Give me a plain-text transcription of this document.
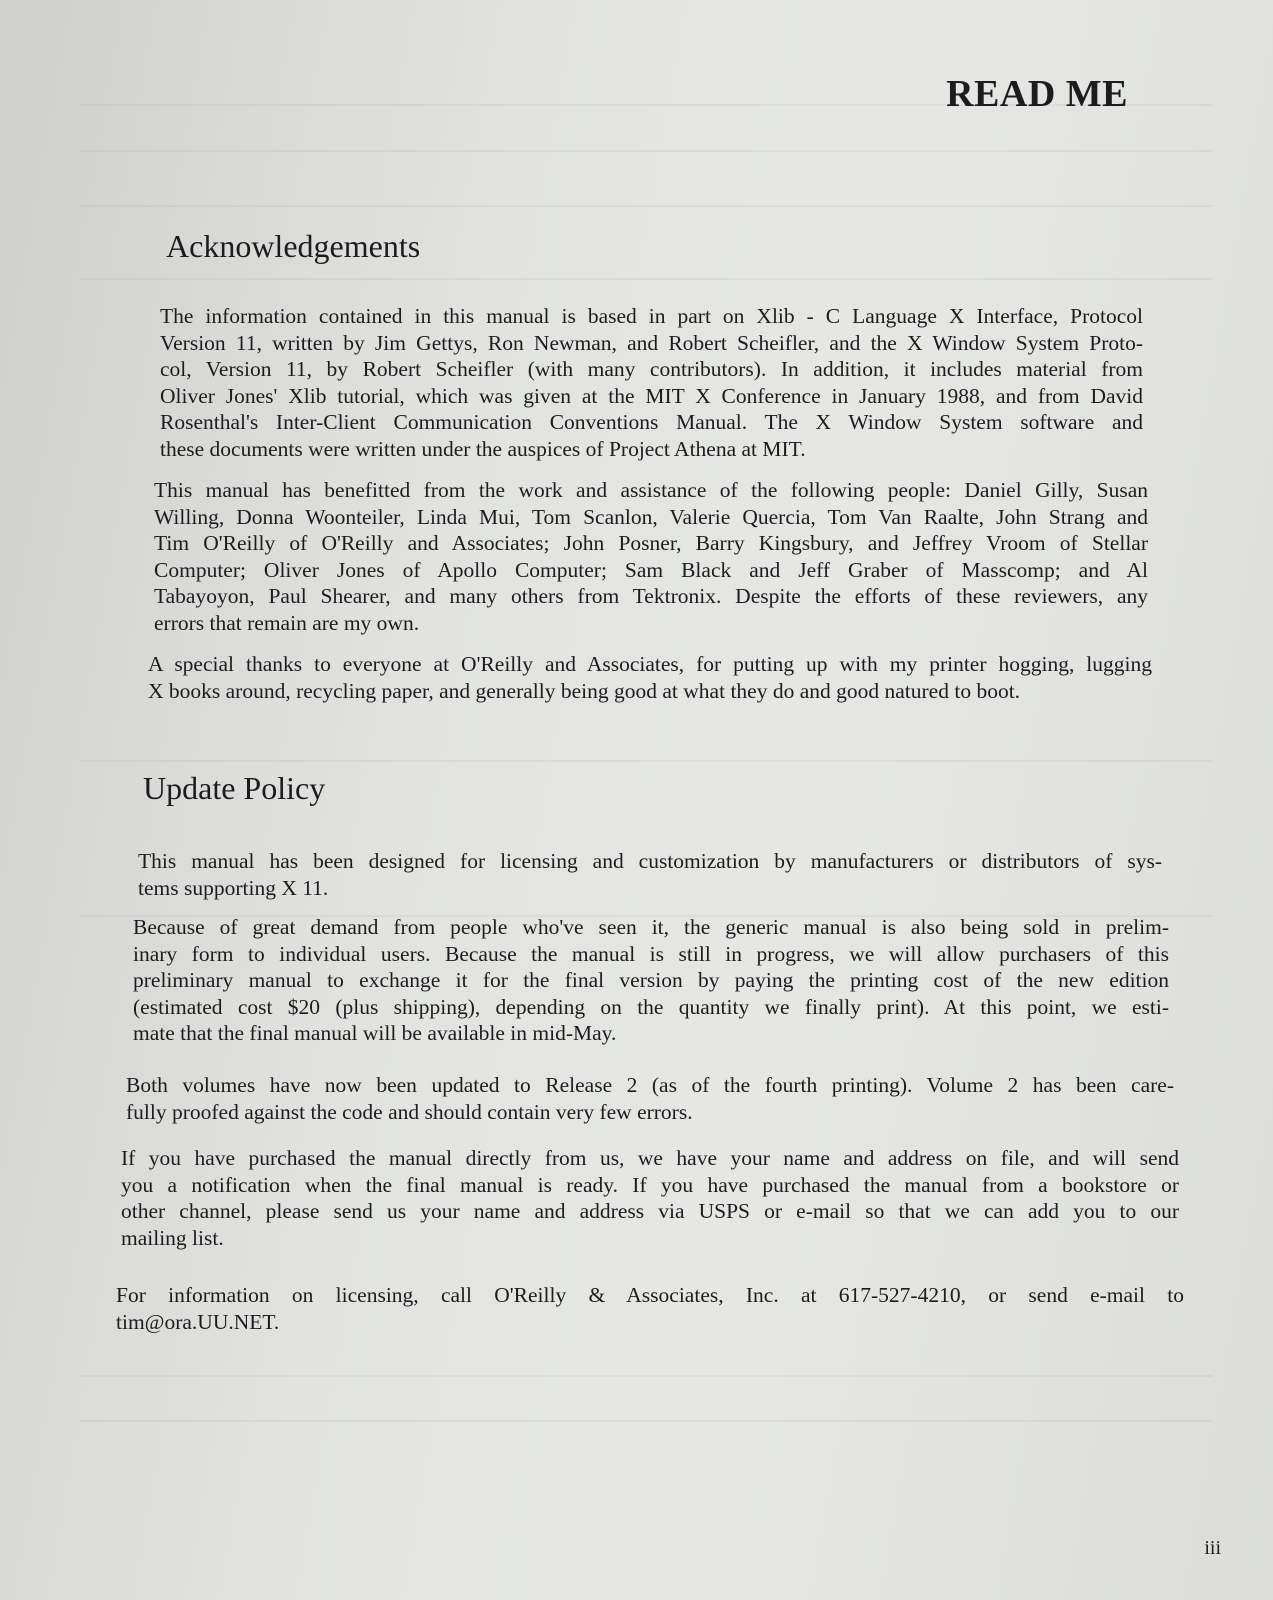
READ ME
Acknowledgements

The information contained in this manual is based in part on Xlib - C Language X Interface, Protocol
Version 11, written by Jim Gettys, Ron Newman, and Robert Scheifler, and the X Window System Proto-
col, Version 11, by Robert Scheifler (with many contributors). In addition, it includes material from
Oliver Jones' Xlib tutorial, which was given at the MIT X Conference in January 1988, and from David
Rosenthal's Inter-Client Communication Conventions Manual. The X Window System software and
these documents were written under the auspices of Project Athena at MIT.

This manual has benefitted from the work and assistance of the following people: Daniel Gilly, Susan
Willing, Donna Woonteiler, Linda Mui, Tom Scanlon, Valerie Quercia, Tom Van Raalte, John Strang and
Tim O'Reilly of O'Reilly and Associates; John Posner, Barry Kingsbury, and Jeffrey Vroom of Stellar
Computer; Oliver Jones of Apollo Computer; Sam Black and Jeff Graber of Masscomp; and Al
Tabayoyon, Paul Shearer, and many others from Tektronix. Despite the efforts of these reviewers, any
errors that remain are my own.

A special thanks to everyone at O'Reilly and Associates, for putting up with my printer hogging, lugging
X books around, recycling paper, and generally being good at what they do and good natured to boot.

Update Policy

This manual has been designed for licensing and customization by manufacturers or distributors of sys-
tems supporting X 11.

Because of great demand from people who've seen it, the generic manual is also being sold in prelim-
inary form to individual users. Because the manual is still in progress, we will allow purchasers of this
preliminary manual to exchange it for the final version by paying the printing cost of the new edition
(estimated cost $20 (plus shipping), depending on the quantity we finally print). At this point, we esti-
mate that the final manual will be available in mid-May.

Both volumes have now been updated to Release 2 (as of the fourth printing). Volume 2 has been care-
fully proofed against the code and should contain very few errors.

If you have purchased the manual directly from us, we have your name and address on file, and will send
you a notification when the final manual is ready. If you have purchased the manual from a bookstore or
other channel, please send us your name and address via USPS or e-mail so that we can add you to our
mailing list.

For information on licensing, call O'Reilly & Associates, Inc. at 617-527-4210, or send e-mail to
tim@ora.UU.NET.

iii
